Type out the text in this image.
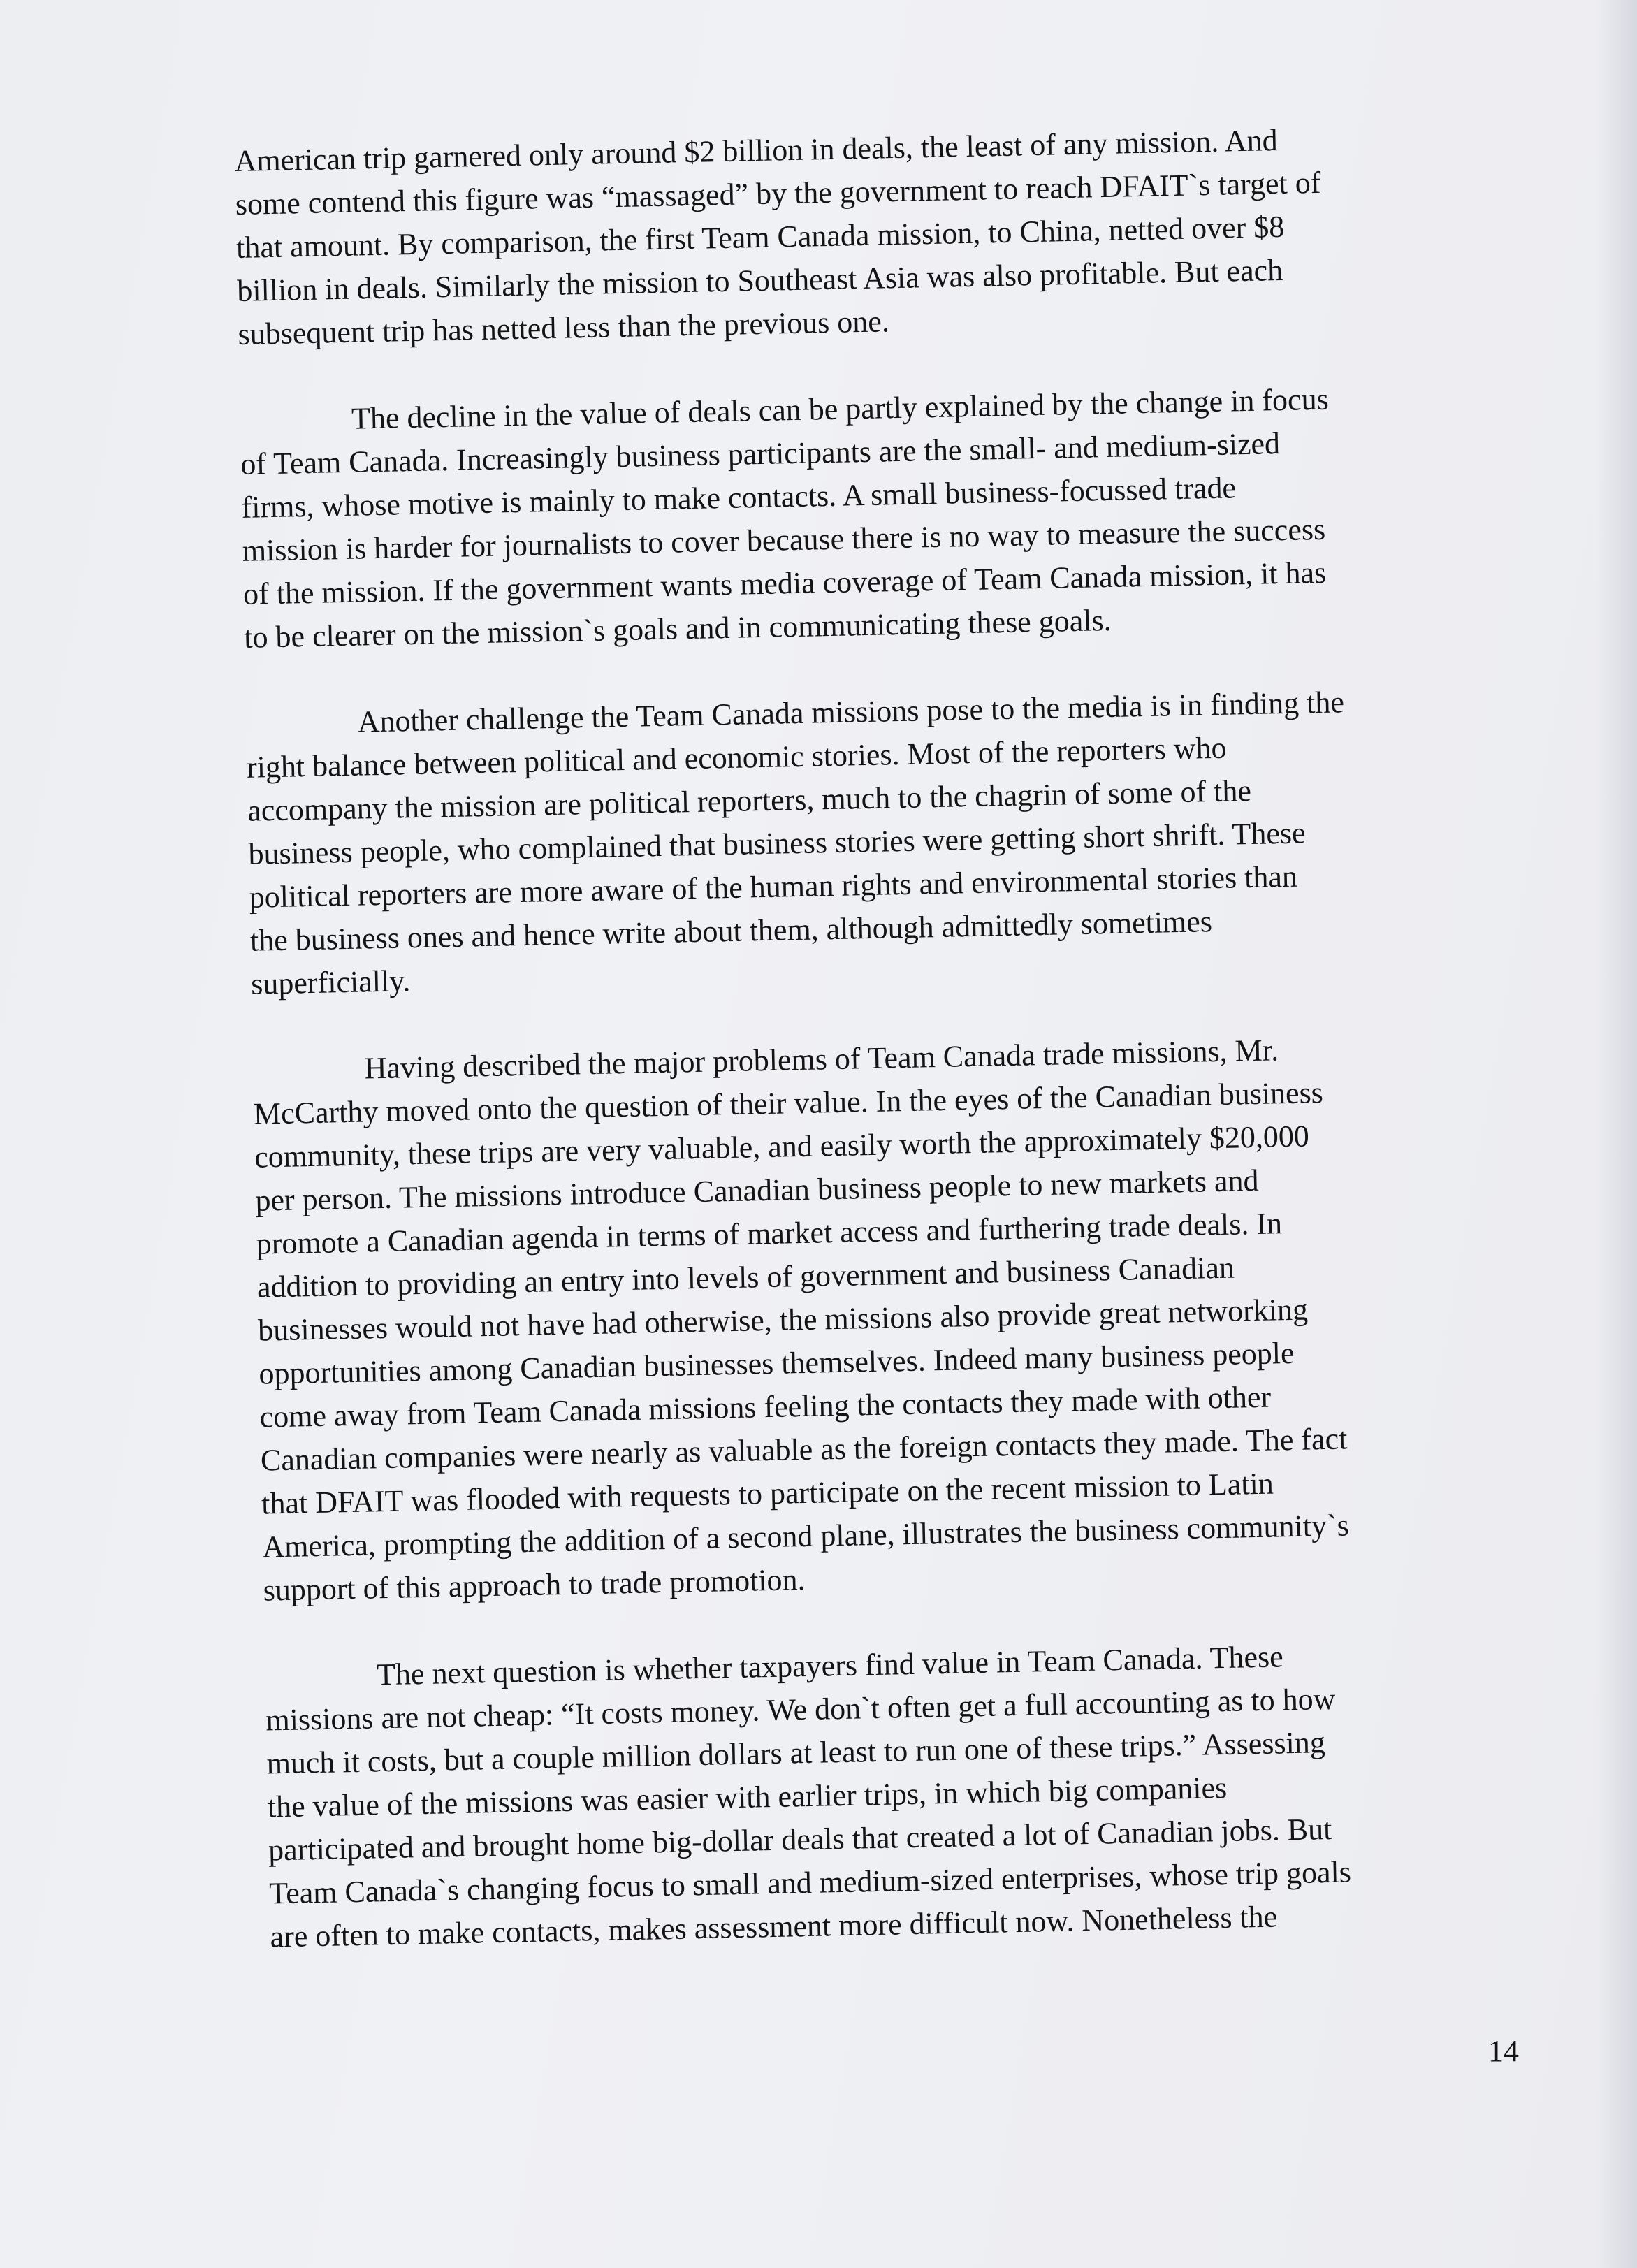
American trip garnered only around $2 billion in deals, the least of any mission. And
some contend this figure was “massaged” by the government to reach DFAIT`s target of
that amount. By comparison, the first Team Canada mission, to China, netted over $8
billion in deals. Similarly the mission to Southeast Asia was also profitable. But each
subsequent trip has netted less than the previous one.

The decline in the value of deals can be partly explained by the change in focus
of Team Canada. Increasingly business participants are the small- and medium-sized
firms, whose motive is mainly to make contacts. A small business-focussed trade
mission is harder for journalists to cover because there is no way to measure the success
of the mission. If the government wants media coverage of Team Canada mission, it has
to be clearer on the mission`s goals and in communicating these goals.

Another challenge the Team Canada missions pose to the media is in finding the
right balance between political and economic stories. Most of the reporters who
accompany the mission are political reporters, much to the chagrin of some of the
business people, who complained that business stories were getting short shrift. These
political reporters are more aware of the human rights and environmental stories than
the business ones and hence write about them, although admittedly sometimes
superficially.

Having described the major problems of Team Canada trade missions, Mr.
McCarthy moved onto the question of their value. In the eyes of the Canadian business
community, these trips are very valuable, and easily worth the approximately $20,000
per person. The missions introduce Canadian business people to new markets and
promote a Canadian agenda in terms of market access and furthering trade deals. In
addition to providing an entry into levels of government and business Canadian
businesses would not have had otherwise, the missions also provide great networking
opportunities among Canadian businesses themselves. Indeed many business people
come away from Team Canada missions feeling the contacts they made with other
Canadian companies were nearly as valuable as the foreign contacts they made. The fact
that DFAIT was flooded with requests to participate on the recent mission to Latin
America, prompting the addition of a second plane, illustrates the business community`s
support of this approach to trade promotion.

The next question is whether taxpayers find value in Team Canada. These
missions are not cheap: “It costs money. We don`t often get a full accounting as to how
much it costs, but a couple million dollars at least to run one of these trips.” Assessing
the value of the missions was easier with earlier trips, in which big companies
participated and brought home big-dollar deals that created a lot of Canadian jobs. But
Team Canada`s changing focus to small and medium-sized enterprises, whose trip goals
are often to make contacts, makes assessment more difficult now. Nonetheless the

14
